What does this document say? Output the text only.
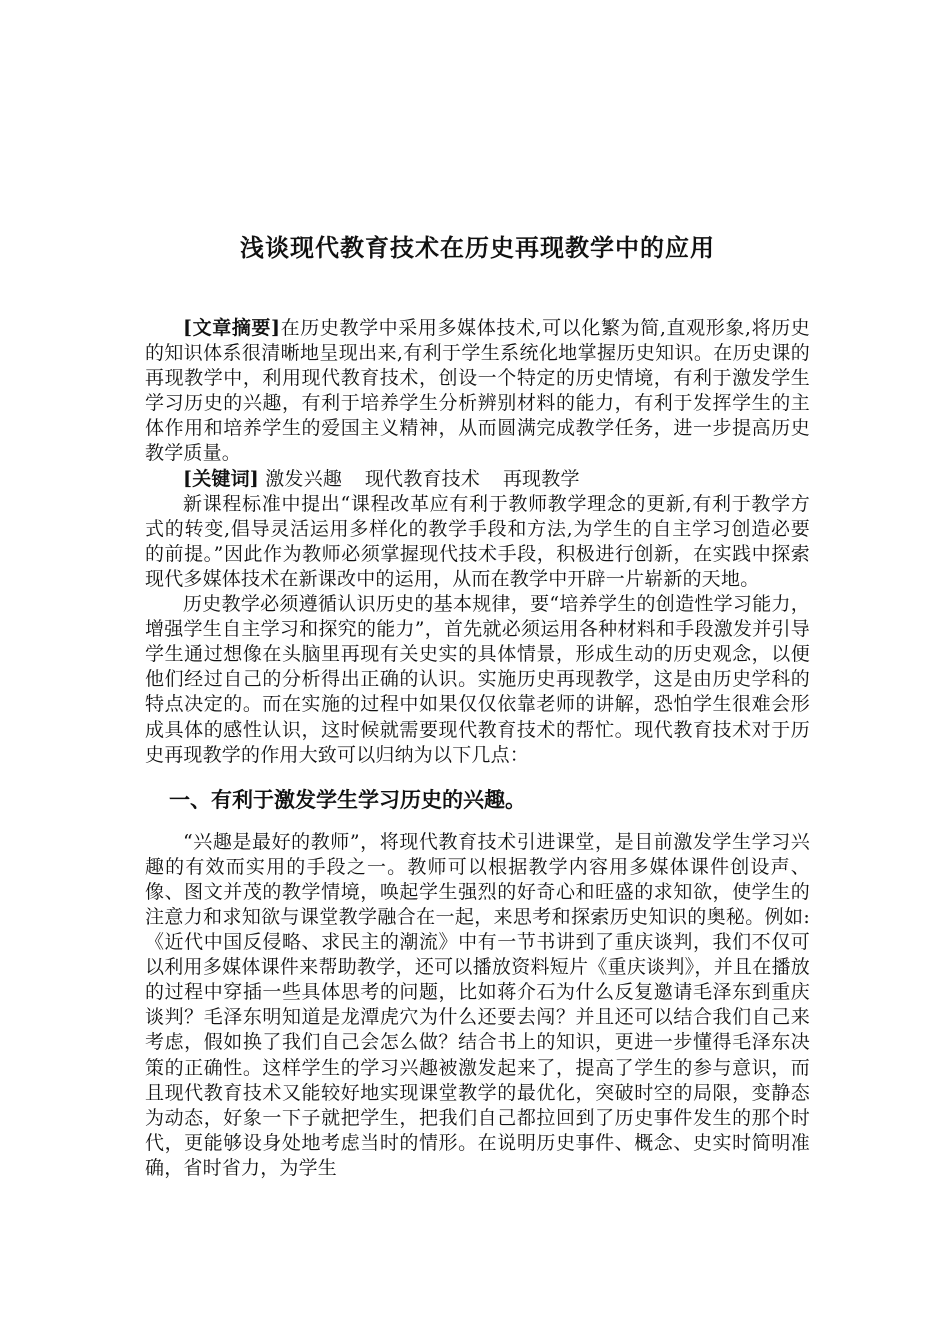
浅谈现代教育技术在历史再现教学中的应用

[文章摘要]在历史教学中采用多媒体技术,可以化繁为简,直观形象,将历史的知识体系很清晰地呈现出来,有利于学生系统化地掌握历史知识。在历史课的再现教学中，利用现代教育技术，创设一个特定的历史情境，有利于激发学生学习历史的兴趣，有利于培养学生分析辨别材料的能力，有利于发挥学生的主体作用和培养学生的爱国主义精神，从而圆满完成教学任务，进一步提高历史教学质量。

[关键词] 激发兴趣 现代教育技术 再现教学

新课程标准中提出“课程改革应有利于教师教学理念的更新,有利于教学方式的转变,倡导灵活运用多样化的教学手段和方法,为学生的自主学习创造必要的前提。”因此作为教师必须掌握现代技术手段，积极进行创新，在实践中探索现代多媒体技术在新课改中的运用，从而在教学中开辟一片崭新的天地。

历史教学必须遵循认识历史的基本规律，要“培养学生的创造性学习能力，增强学生自主学习和探究的能力”，首先就必须运用各种材料和手段激发并引导学生通过想像在头脑里再现有关史实的具体情景，形成生动的历史观念，以便他们经过自己的分析得出正确的认识。实施历史再现教学，这是由历史学科的特点决定的。而在实施的过程中如果仅仅依靠老师的讲解，恐怕学生很难会形成具体的感性认识，这时候就需要现代教育技术的帮忙。现代教育技术对于历史再现教学的作用大致可以归纳为以下几点：

一、有利于激发学生学习历史的兴趣。

“兴趣是最好的教师”，将现代教育技术引进课堂，是目前激发学生学习兴趣的有效而实用的手段之一。教师可以根据教学内容用多媒体课件创设声、像、图文并茂的教学情境，唤起学生强烈的好奇心和旺盛的求知欲，使学生的注意力和求知欲与课堂教学融合在一起，来思考和探索历史知识的奥秘。例如:《近代中国反侵略、求民主的潮流》中有一节书讲到了重庆谈判，我们不仅可以利用多媒体课件来帮助教学，还可以播放资料短片《重庆谈判》，并且在播放的过程中穿插一些具体思考的问题，比如蒋介石为什么反复邀请毛泽东到重庆谈判？毛泽东明知道是龙潭虎穴为什么还要去闯？并且还可以结合我们自己来考虑，假如换了我们自己会怎么做？结合书上的知识，更进一步懂得毛泽东决策的正确性。这样学生的学习兴趣被激发起来了，提高了学生的参与意识，而且现代教育技术又能较好地实现课堂教学的最优化，突破时空的局限，变静态为动态，好象一下子就把学生，把我们自己都拉回到了历史事件发生的那个时代，更能够设身处地考虑当时的情形。在说明历史事件、概念、史实时简明准确，省时省力，为学生
